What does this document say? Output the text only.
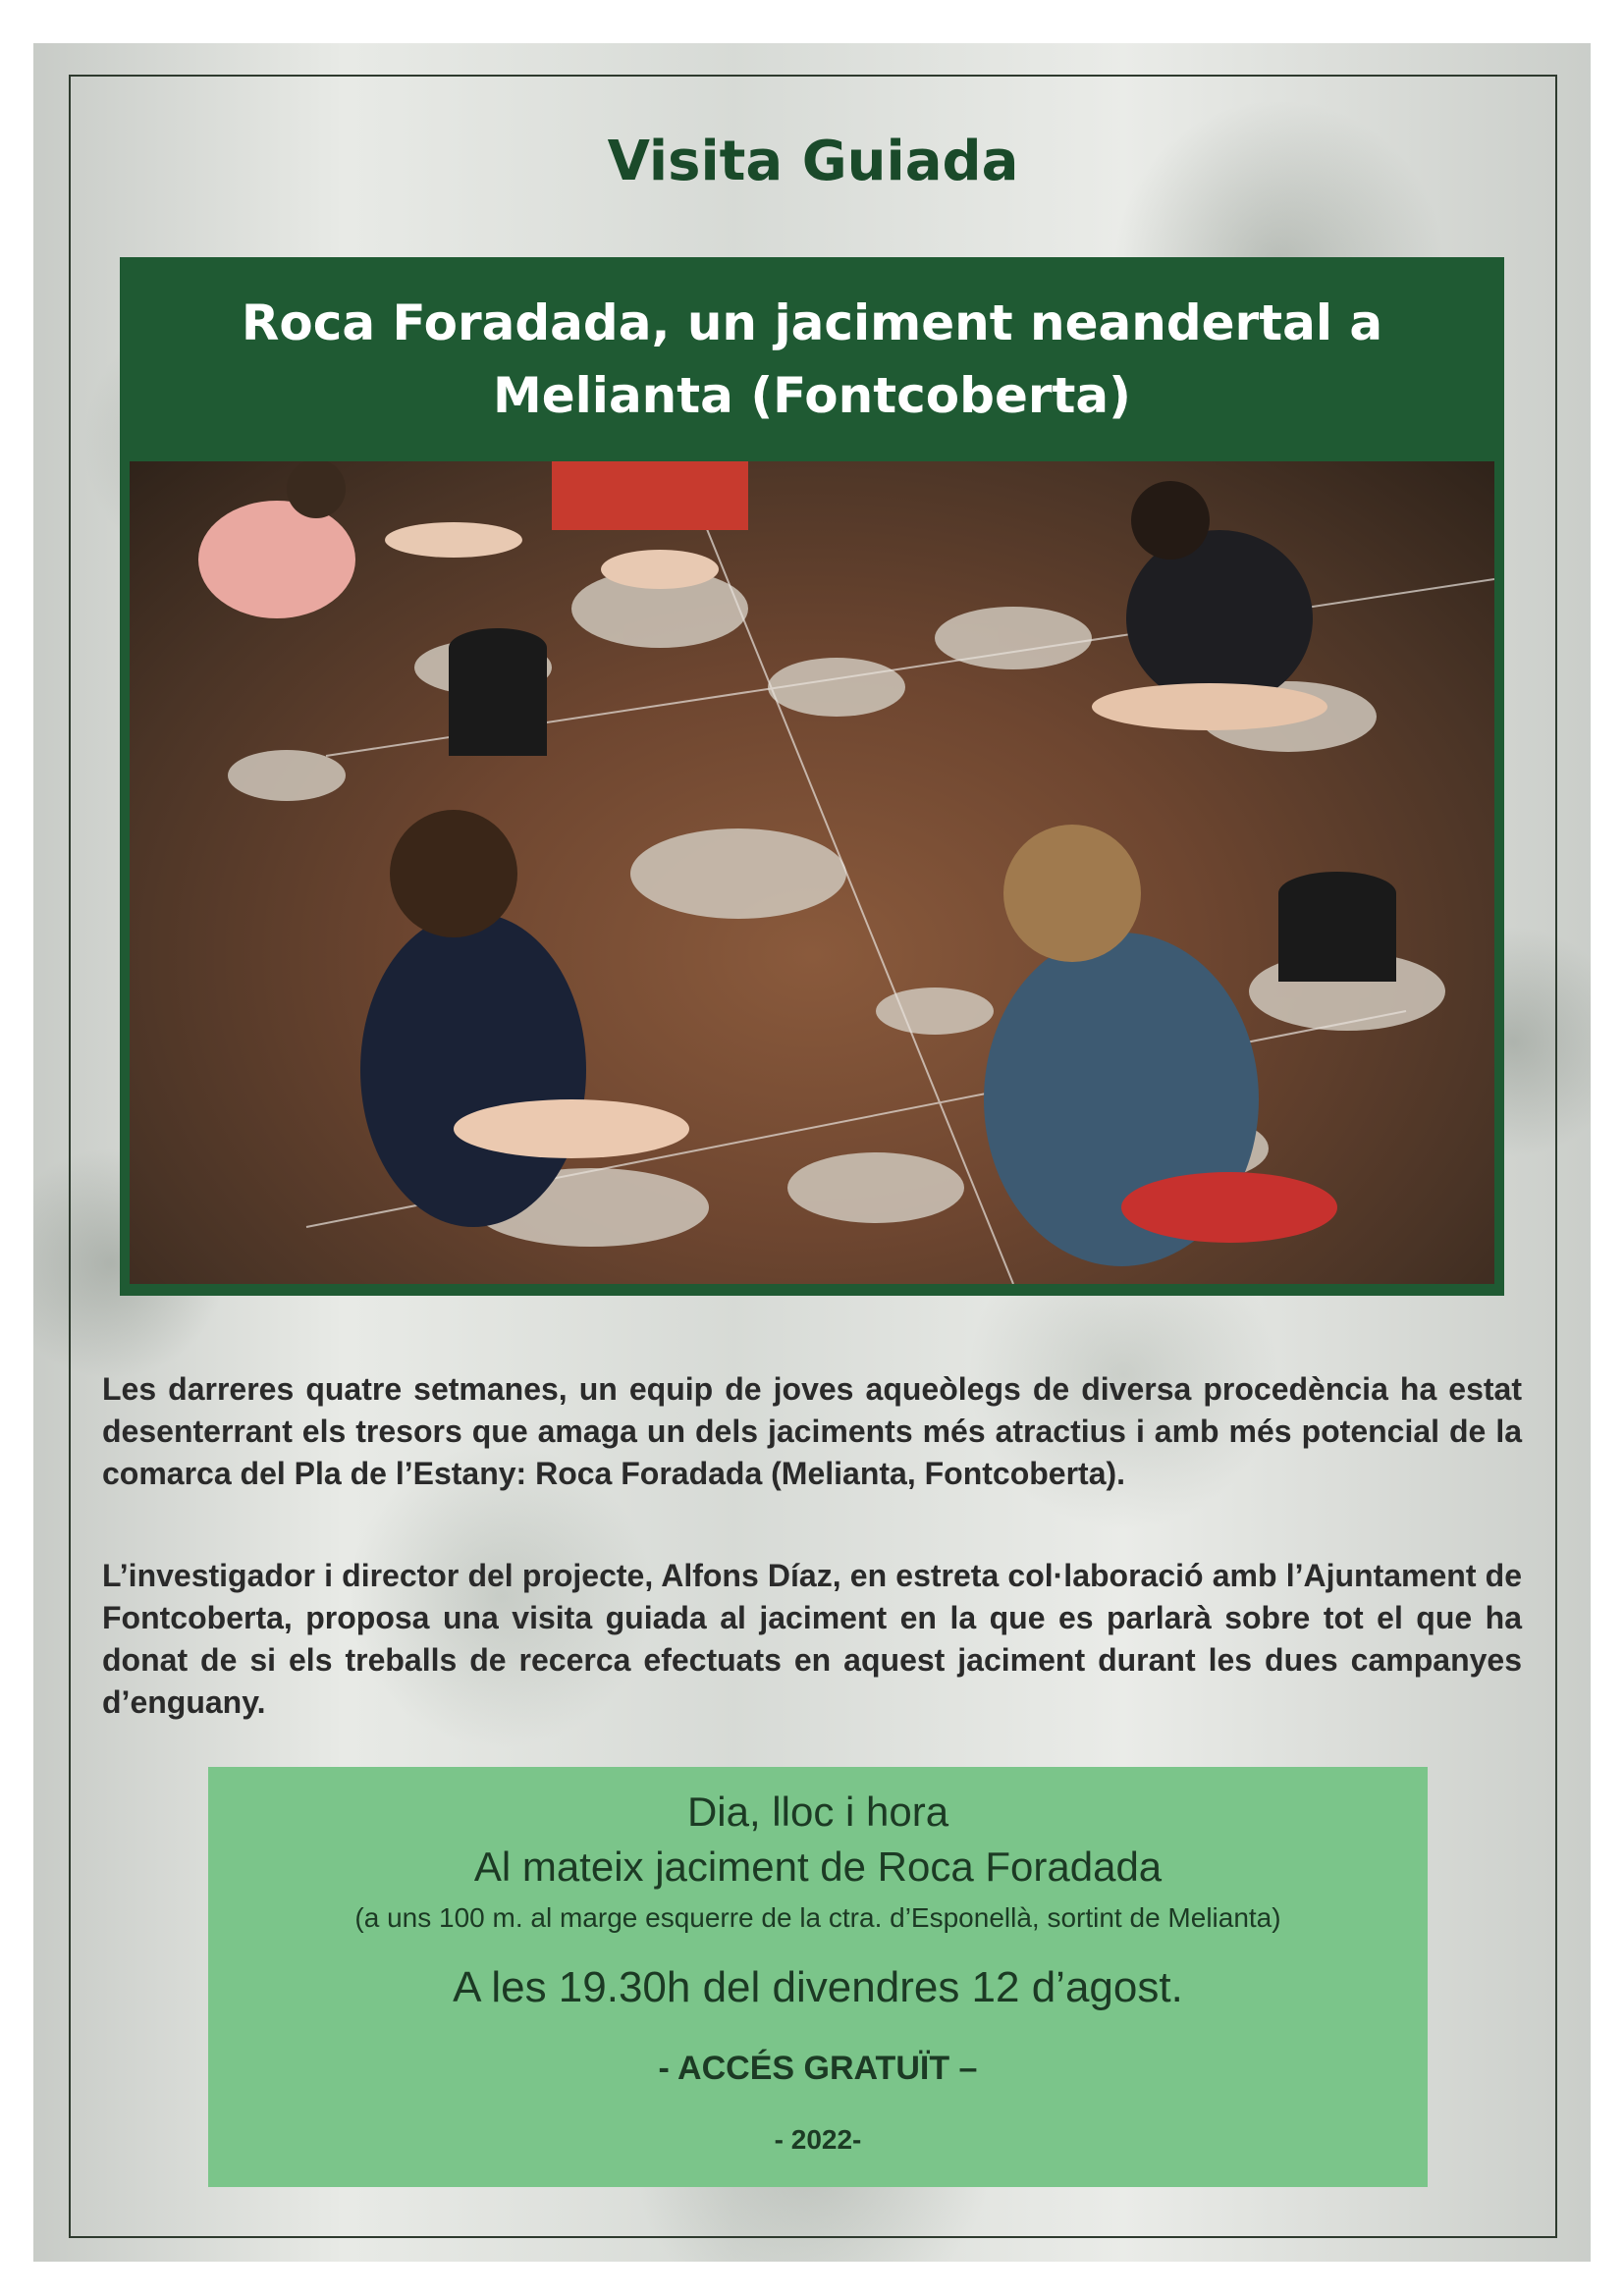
Visita Guiada
Roca Foradada, un jaciment neandertal a
Melianta (Fontcoberta)

Les darreres quatre setmanes, un equip de joves aqueòlegs de diversa procedència ha estat desenterrant els tresors que amaga un dels jaciments més atractius i amb més potencial de la comarca del Pla de l’Estany: Roca Foradada (Melianta, Fontcoberta).

L’investigador i director del projecte, Alfons Díaz, en estreta col·laboració amb l’Ajuntament de Fontcoberta, proposa una visita guiada al jaciment en la que es parlarà sobre tot el que ha donat de si els treballs de recerca efectuats en aquest jaciment durant les dues campanyes d’enguany.

Dia, lloc i hora

Al mateix jaciment de Roca Foradada

(a uns 100 m. al marge esquerre de la ctra. d’Esponellà, sortint de Melianta)

A les 19.30h del divendres 12 d’agost.

- ACCÉS GRATUÏT –

- 2022-
